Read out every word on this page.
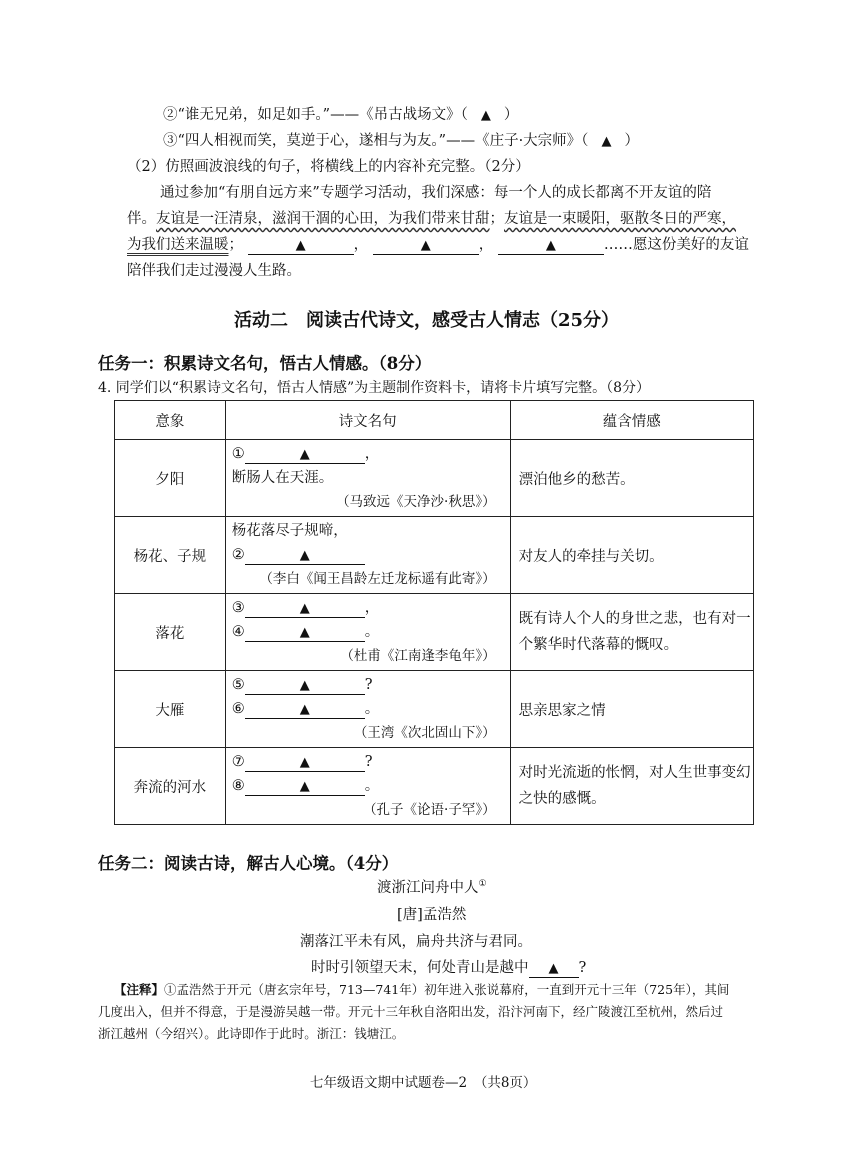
②“谁无兄弟，如足如手。”——《吊古战场文》（ ▲ ）
③“四人相视而笑，莫逆于心，遂相与为友。”——《庄子·大宗师》（ ▲ ）
（2）仿照画波浪线的句子，将横线上的内容补充完整。（2分）
通过参加“有朋自远方来”专题学习活动，我们深感：每一个人的成长都离不开友谊的陪
伴。友谊是一汪清泉，滋润干涸的心田，为我们带来甘甜；友谊是一束暖阳，驱散冬日的严寒，
为我们送来温暖；	▲	，	▲	，	▲	……愿这份美好的友谊
陪伴我们走过漫漫人生路。
活动二　阅读古代诗文，感受古人情志（25分）
任务一：积累诗文名句，悟古人情感。（8分）
4. 同学们以“积累诗文名句，悟古人情感”为主题制作资料卡，请将卡片填写完整。（8分）
意象	诗文名句	蕴含情感
夕阳	① ▲ ，
断肠人在天涯。
（马致远《天净沙·秋思》）	漂泊他乡的愁苦。
杨花、子规	杨花落尽子规啼，
② ▲
（李白《闻王昌龄左迁龙标遥有此寄》）	对友人的牵挂与关切。
落花	③ ▲ ，
④ ▲ 。
（杜甫《江南逢李龟年》）	既有诗人个人的身世之悲，也有对一个繁华时代落幕的慨叹。
大雁	⑤ ▲ ?
⑥ ▲ 。
（王湾《次北固山下》）	思亲思家之情
奔流的河水	⑦ ▲ ?
⑧ ▲ 。
（孔子《论语·子罕》）	对时光流逝的怅惘，对人生世事变幻之快的感慨。
任务二：阅读古诗，解古人心境。（4分）
渡浙江问舟中人①
[唐]孟浩然
潮落江平未有风，扁舟共济与君同。
时时引领望天末，何处青山是越中 ▲ ?
【注释】①孟浩然于开元（唐玄宗年号，713—741年）初年进入张说幕府，一直到开元十三年（725年），其间
几度出入，但并不得意，于是漫游吴越一带。开元十三年秋自洛阳出发，沿汴河南下，经广陵渡江至杭州，然后过
浙江越州（今绍兴）。此诗即作于此时。浙江：钱塘江。
七年级语文期中试题卷—2　（共8页）
